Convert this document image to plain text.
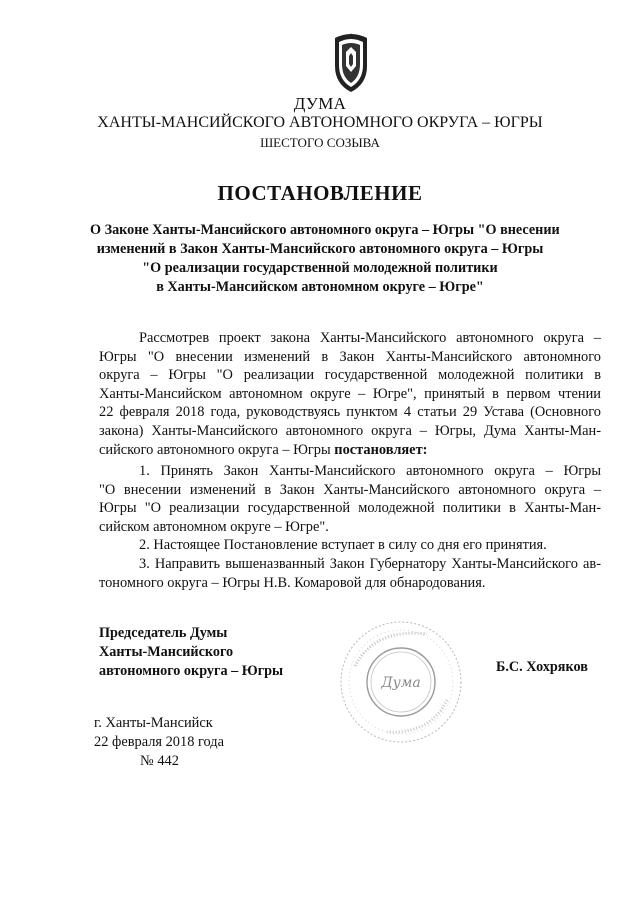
ДУМА
ХАНТЫ-МАНСИЙСКОГО АВТОНОМНОГО ОКРУГА – ЮГРЫ
ШЕСТОГО СОЗЫВА
ПОСТАНОВЛЕНИЕ
О Законе Ханты-Мансийского автономного округа – Югры "О внесении
изменений в Закон Ханты-Мансийского автономного округа – Югры
"О реализации государственной молодежной политики
в Ханты-Мансийском автономном округе – Югре"
Рассмотрев проект закона Ханты-Мансийского автономного округа –
Югры "О внесении изменений в Закон Ханты-Мансийского автономного
округа – Югры "О реализации государственной молодежной политики в
Ханты-Мансийском автономном округе – Югре", принятый в первом чтении
22 февраля 2018 года, руководствуясь пунктом 4 статьи 29 Устава (Основного
закона) Ханты-Мансийского автономного округа – Югры, Дума Ханты-Ман-
сийского автономного округа – Югры постановляет:
1. Принять Закон Ханты-Мансийского автономного округа – Югры
"О внесении изменений в Закон Ханты-Мансийского автономного округа –
Югры "О реализации государственной молодежной политики в Ханты-Ман-
сийском автономном округе – Югре".
2. Настоящее Постановление вступает в силу со дня его принятия.
3. Направить вышеназванный Закон Губернатору Ханты-Мансийского ав-
тономного округа – Югры Н.В. Комаровой для обнародования.
Председатель Думы
Ханты-Мансийского
автономного округа – Югры
Дума
Б.С. Хохряков
г. Ханты-Мансийск
22 февраля 2018 года
№ 442
